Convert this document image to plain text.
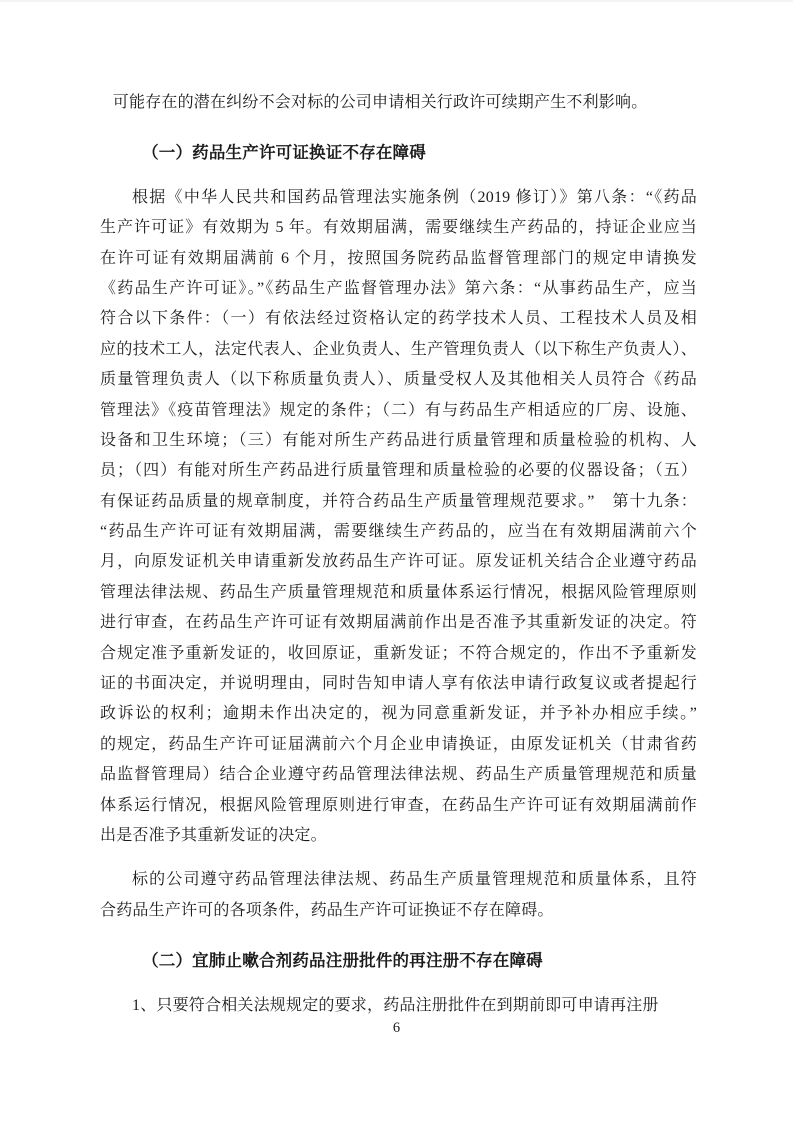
可能存在的潜在纠纷不会对标的公司申请相关行政许可续期产生不利影响。
（一）药品生产许可证换证不存在障碍
根据《中华人民共和国药品管理法实施条例（2019 修订）》第八条：“《药品
生产许可证》有效期为 5 年。有效期届满，需要继续生产药品的，持证企业应当
在许可证有效期届满前 6 个月，按照国务院药品监督管理部门的规定申请换发
《药品生产许可证》。”《药品生产监督管理办法》第六条：“从事药品生产，应当
符合以下条件：（一）有依法经过资格认定的药学技术人员、工程技术人员及相
应的技术工人，法定代表人、企业负责人、生产管理负责人（以下称生产负责人）、
质量管理负责人（以下称质量负责人）、质量受权人及其他相关人员符合《药品
管理法》《疫苗管理法》规定的条件；（二）有与药品生产相适应的厂房、设施、
设备和卫生环境；（三）有能对所生产药品进行质量管理和质量检验的机构、人
员；（四）有能对所生产药品进行质量管理和质量检验的必要的仪器设备；（五）
有保证药品质量的规章制度，并符合药品生产质量管理规范要求。”　第十九条：
“药品生产许可证有效期届满，需要继续生产药品的，应当在有效期届满前六个
月，向原发证机关申请重新发放药品生产许可证。原发证机关结合企业遵守药品
管理法律法规、药品生产质量管理规范和质量体系运行情况，根据风险管理原则
进行审查，在药品生产许可证有效期届满前作出是否准予其重新发证的决定。符
合规定准予重新发证的，收回原证，重新发证；不符合规定的，作出不予重新发
证的书面决定，并说明理由，同时告知申请人享有依法申请行政复议或者提起行
政诉讼的权利；逾期未作出决定的，视为同意重新发证，并予补办相应手续。”
的规定，药品生产许可证届满前六个月企业申请换证，由原发证机关（甘肃省药
品监督管理局）结合企业遵守药品管理法律法规、药品生产质量管理规范和质量
体系运行情况，根据风险管理原则进行审查，在药品生产许可证有效期届满前作
出是否准予其重新发证的决定。
标的公司遵守药品管理法律法规、药品生产质量管理规范和质量体系，且符
合药品生产许可的各项条件，药品生产许可证换证不存在障碍。
（二）宜肺止嗽合剂药品注册批件的再注册不存在障碍
1、只要符合相关法规规定的要求，药品注册批件在到期前即可申请再注册
6
